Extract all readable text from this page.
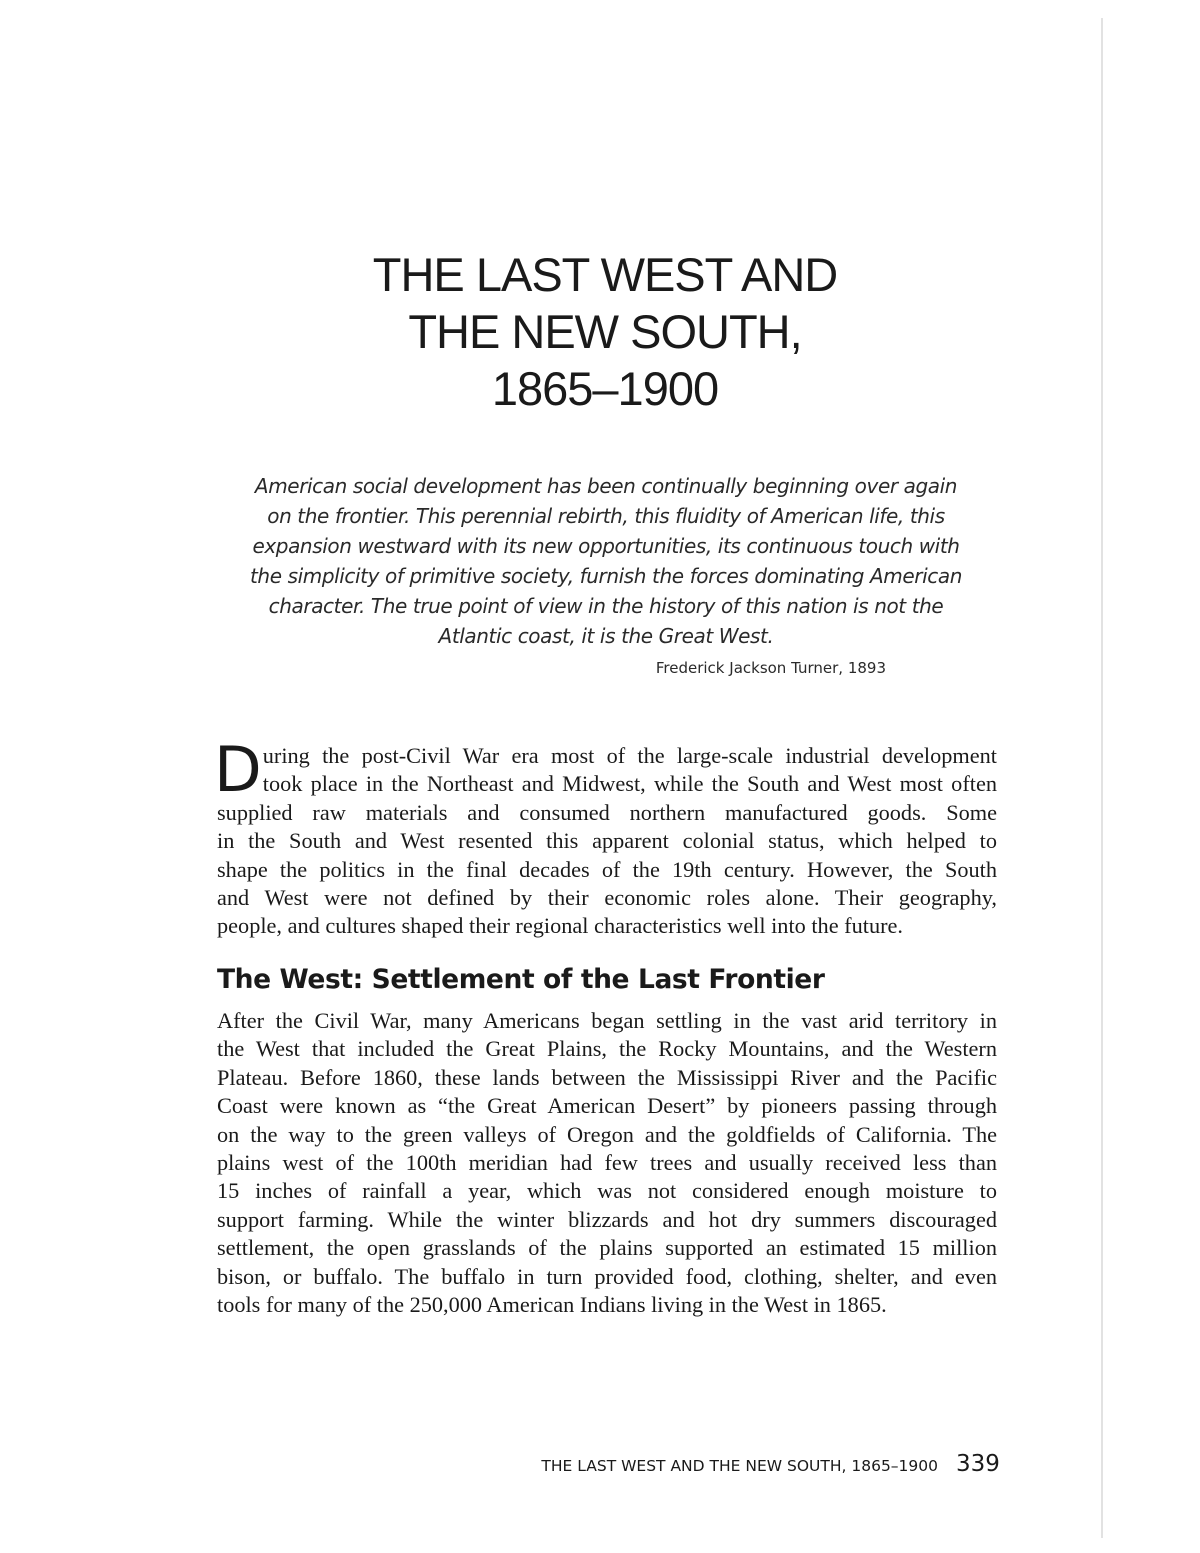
THE LAST WEST AND
THE NEW SOUTH,
1865–1900
American social development has been continually beginning over again
on the frontier. This perennial rebirth, this fluidity of American life, this
expansion westward with its new opportunities, its continuous touch with
the simplicity of primitive society, furnish the forces dominating American
character. The true point of view in the history of this nation is not the
Atlantic coast, it is the Great West.
Frederick Jackson Turner, 1893
D uring the post-Civil War era most of the large-scale industrial development
took place in the Northeast and Midwest, while the South and West most often
supplied raw materials and consumed northern manufactured goods. Some
in the South and West resented this apparent colonial status, which helped to
shape the politics in the final decades of the 19th century. However, the South
and West were not defined by their economic roles alone. Their geography,
people, and cultures shaped their regional characteristics well into the future.
The West: Settlement of the Last Frontier
After the Civil War, many Americans began settling in the vast arid territory in
the West that included the Great Plains, the Rocky Mountains, and the Western
Plateau. Before 1860, these lands between the Mississippi River and the Pacific
Coast were known as “the Great American Desert” by pioneers passing through
on the way to the green valleys of Oregon and the goldfields of California. The
plains west of the 100th meridian had few trees and usually received less than
15 inches of rainfall a year, which was not considered enough moisture to
support farming. While the winter blizzards and hot dry summers discouraged
settlement, the open grasslands of the plains supported an estimated 15 million
bison, or buffalo. The buffalo in turn provided food, clothing, shelter, and even
tools for many of the 250,000 American Indians living in the West in 1865.
THE LAST WEST AND THE NEW SOUTH, 1865–1900 339
